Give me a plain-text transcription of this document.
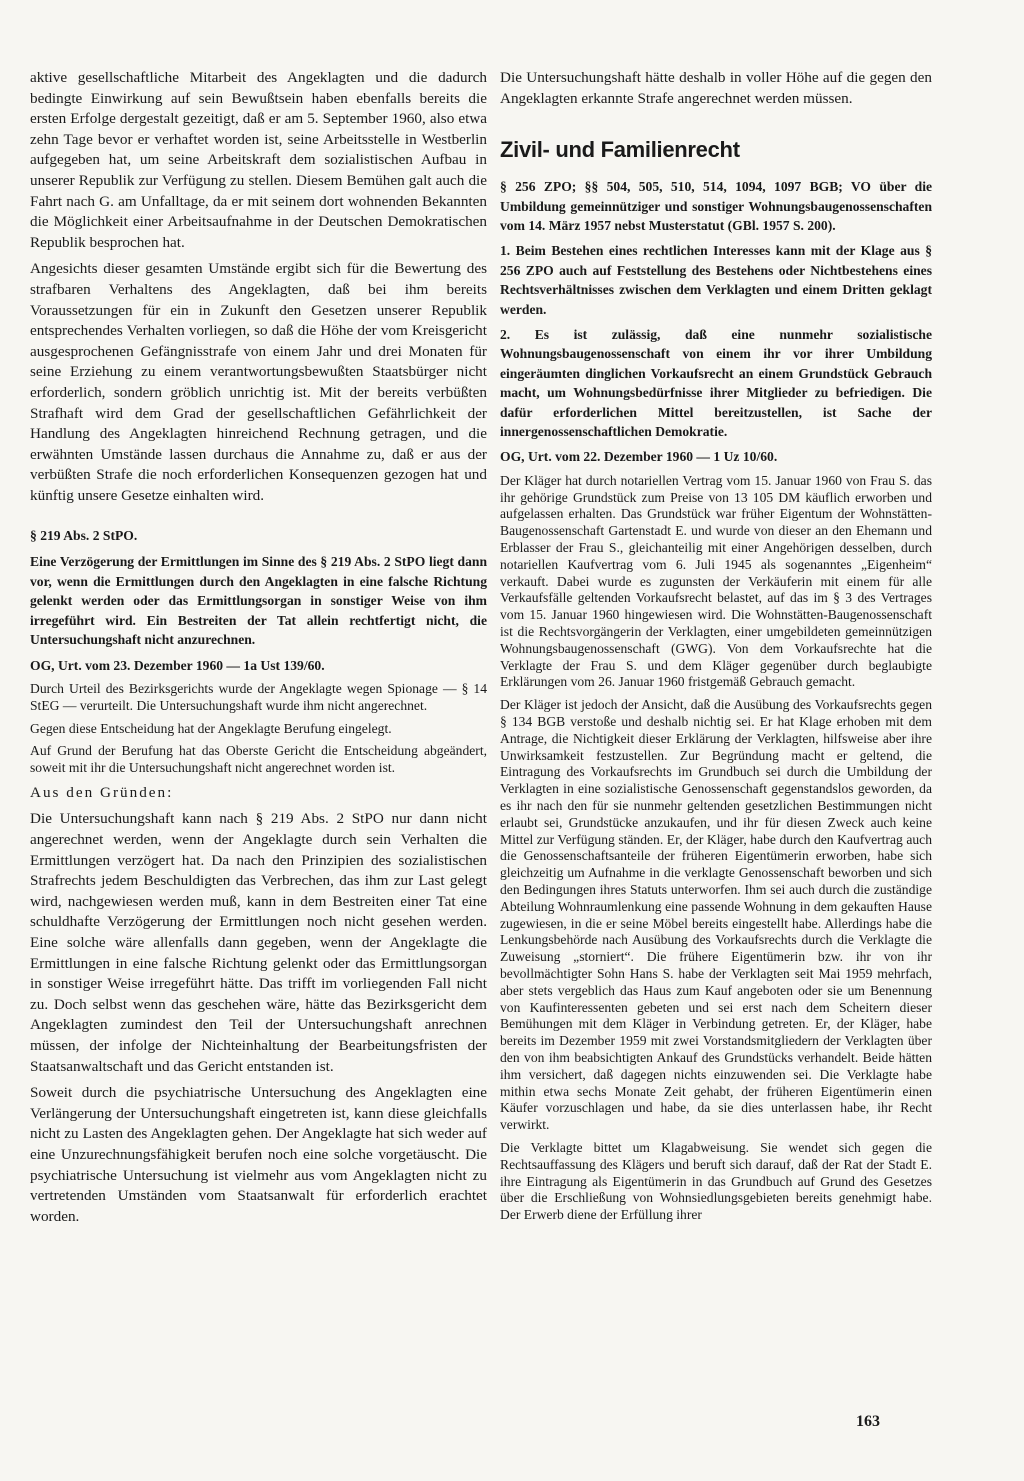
aktive gesellschaftliche Mitarbeit des Angeklagten und die dadurch bedingte Einwirkung auf sein Bewußtsein haben ebenfalls bereits die ersten Erfolge dergestalt gezeitigt, daß er am 5. September 1960, also etwa zehn Tage bevor er verhaftet worden ist, seine Arbeitsstelle in Westberlin aufgegeben hat, um seine Arbeitskraft dem sozialistischen Aufbau in unserer Republik zur Verfügung zu stellen. Diesem Bemühen galt auch die Fahrt nach G. am Unfalltage, da er mit seinem dort wohnenden Bekannten die Möglichkeit einer Arbeitsaufnahme in der Deutschen Demokratischen Republik besprochen hat.

Angesichts dieser gesamten Umstände ergibt sich für die Bewertung des strafbaren Verhaltens des Angeklagten, daß bei ihm bereits Voraussetzungen für ein in Zukunft den Gesetzen unserer Republik entsprechendes Verhalten vorliegen, so daß die Höhe der vom Kreisgericht ausgesprochenen Gefängnisstrafe von einem Jahr und drei Monaten für seine Erziehung zu einem verantwortungsbewußten Staatsbürger nicht erforderlich, sondern gröblich unrichtig ist. Mit der bereits verbüßten Strafhaft wird dem Grad der gesellschaftlichen Gefährlichkeit der Handlung des Angeklagten hinreichend Rechnung getragen, und die erwähnten Umstände lassen durchaus die Annahme zu, daß er aus der verbüßten Strafe die noch erforderlichen Konsequenzen gezogen hat und künftig unsere Gesetze einhalten wird.

§ 219 Abs. 2 StPO.

Eine Verzögerung der Ermittlungen im Sinne des § 219 Abs. 2 StPO liegt dann vor, wenn die Ermittlungen durch den Angeklagten in eine falsche Richtung gelenkt werden oder das Ermittlungsorgan in sonstiger Weise von ihm irregeführt wird. Ein Bestreiten der Tat allein rechtfertigt nicht, die Untersuchungshaft nicht anzurechnen.

OG, Urt. vom 23. Dezember 1960 — 1a Ust 139/60.

Durch Urteil des Bezirksgerichts wurde der Angeklagte wegen Spionage — § 14 StEG — verurteilt. Die Untersuchungshaft wurde ihm nicht angerechnet.

Gegen diese Entscheidung hat der Angeklagte Berufung eingelegt.

Auf Grund der Berufung hat das Oberste Gericht die Entscheidung abgeändert, soweit mit ihr die Untersuchungshaft nicht angerechnet worden ist.

Aus den Gründen:

Die Untersuchungshaft kann nach § 219 Abs. 2 StPO nur dann nicht angerechnet werden, wenn der Angeklagte durch sein Verhalten die Ermittlungen verzögert hat. Da nach den Prinzipien des sozialistischen Strafrechts jedem Beschuldigten das Verbrechen, das ihm zur Last gelegt wird, nachgewiesen werden muß, kann in dem Bestreiten einer Tat eine schuldhafte Verzögerung der Ermittlungen noch nicht gesehen werden. Eine solche wäre allenfalls dann gegeben, wenn der Angeklagte die Ermittlungen in eine falsche Richtung gelenkt oder das Ermittlungsorgan in sonstiger Weise irregeführt hätte. Das trifft im vorliegenden Fall nicht zu. Doch selbst wenn das geschehen wäre, hätte das Bezirksgericht dem Angeklagten zumindest den Teil der Untersuchungshaft anrechnen müssen, der infolge der Nichteinhaltung der Bearbeitungsfristen der Staatsanwaltschaft und das Gericht entstanden ist.

Soweit durch die psychiatrische Untersuchung des Angeklagten eine Verlängerung der Untersuchungshaft eingetreten ist, kann diese gleichfalls nicht zu Lasten des Angeklagten gehen. Der Angeklagte hat sich weder auf eine Unzurechnungsfähigkeit berufen noch eine solche vorgetäuscht. Die psychiatrische Untersuchung ist vielmehr aus vom Angeklagten nicht zu vertretenden Umständen vom Staatsanwalt für erforderlich erachtet worden.

Die Untersuchungshaft hätte deshalb in voller Höhe auf die gegen den Angeklagten erkannte Strafe angerechnet werden müssen.

Zivil- und Familienrecht

§ 256 ZPO; §§ 504, 505, 510, 514, 1094, 1097 BGB; VO über die Umbildung gemeinnütziger und sonstiger Wohnungsbaugenossenschaften vom 14. März 1957 nebst Musterstatut (GBl. 1957 S. 200).

1. Beim Bestehen eines rechtlichen Interesses kann mit der Klage aus § 256 ZPO auch auf Feststellung des Bestehens oder Nichtbestehens eines Rechtsverhältnisses zwischen dem Verklagten und einem Dritten geklagt werden.

2. Es ist zulässig, daß eine nunmehr sozialistische Wohnungsbaugenossenschaft von einem ihr vor ihrer Umbildung eingeräumten dinglichen Vorkaufsrecht an einem Grundstück Gebrauch macht, um Wohnungsbedürfnisse ihrer Mitglieder zu befriedigen. Die dafür erforderlichen Mittel bereitzustellen, ist Sache der innergenossenschaftlichen Demokratie.

OG, Urt. vom 22. Dezember 1960 — 1 Uz 10/60.

Der Kläger hat durch notariellen Vertrag vom 15. Januar 1960 von Frau S. das ihr gehörige Grundstück zum Preise von 13 105 DM käuflich erworben und aufgelassen erhalten. Das Grundstück war früher Eigentum der Wohnstätten-Baugenossenschaft Gartenstadt E. und wurde von dieser an den Ehemann und Erblasser der Frau S., gleichanteilig mit einer Angehörigen desselben, durch notariellen Kaufvertrag vom 6. Juli 1945 als sogenanntes „Eigenheim“ verkauft. Dabei wurde es zugunsten der Verkäuferin mit einem für alle Verkaufsfälle geltenden Vorkaufsrecht belastet, auf das im § 3 des Vertrages vom 15. Januar 1960 hingewiesen wird. Die Wohnstätten-Baugenossenschaft ist die Rechtsvorgängerin der Verklagten, einer umgebildeten gemeinnützigen Wohnungsbaugenossenschaft (GWG). Von dem Vorkaufsrechte hat die Verklagte der Frau S. und dem Kläger gegenüber durch beglaubigte Erklärungen vom 26. Januar 1960 fristgemäß Gebrauch gemacht.

Der Kläger ist jedoch der Ansicht, daß die Ausübung des Vorkaufsrechts gegen § 134 BGB verstoße und deshalb nichtig sei. Er hat Klage erhoben mit dem Antrage, die Nichtigkeit dieser Erklärung der Verklagten, hilfsweise aber ihre Unwirksamkeit festzustellen. Zur Begründung macht er geltend, die Eintragung des Vorkaufsrechts im Grundbuch sei durch die Umbildung der Verklagten in eine sozialistische Genossenschaft gegenstandslos geworden, da es ihr nach den für sie nunmehr geltenden gesetzlichen Bestimmungen nicht erlaubt sei, Grundstücke anzukaufen, und ihr für diesen Zweck auch keine Mittel zur Verfügung ständen. Er, der Kläger, habe durch den Kaufvertrag auch die Genossenschaftsanteile der früheren Eigentümerin erworben, habe sich gleichzeitig um Aufnahme in die verklagte Genossenschaft beworben und sich den Bedingungen ihres Statuts unterworfen. Ihm sei auch durch die zuständige Abteilung Wohnraumlenkung eine passende Wohnung in dem gekauften Hause zugewiesen, in die er seine Möbel bereits eingestellt habe. Allerdings habe die Lenkungsbehörde nach Ausübung des Vorkaufsrechts durch die Verklagte die Zuweisung „storniert“. Die frühere Eigentümerin bzw. ihr von ihr bevollmächtigter Sohn Hans S. habe der Verklagten seit Mai 1959 mehrfach, aber stets vergeblich das Haus zum Kauf angeboten oder sie um Benennung von Kaufinteressenten gebeten und sei erst nach dem Scheitern dieser Bemühungen mit dem Kläger in Verbindung getreten. Er, der Kläger, habe bereits im Dezember 1959 mit zwei Vorstandsmitgliedern der Verklagten über den von ihm beabsichtigten Ankauf des Grundstücks verhandelt. Beide hätten ihm versichert, daß dagegen nichts einzuwenden sei. Die Verklagte habe mithin etwa sechs Monate Zeit gehabt, der früheren Eigentümerin einen Käufer vorzuschlagen und habe, da sie dies unterlassen habe, ihr Recht verwirkt.

Die Verklagte bittet um Klagabweisung. Sie wendet sich gegen die Rechtsauffassung des Klägers und beruft sich darauf, daß der Rat der Stadt E. ihre Eintragung als Eigentümerin in das Grundbuch auf Grund des Gesetzes über die Erschließung von Wohnsiedlungsgebieten bereits genehmigt habe. Der Erwerb diene der Erfüllung ihrer

163
